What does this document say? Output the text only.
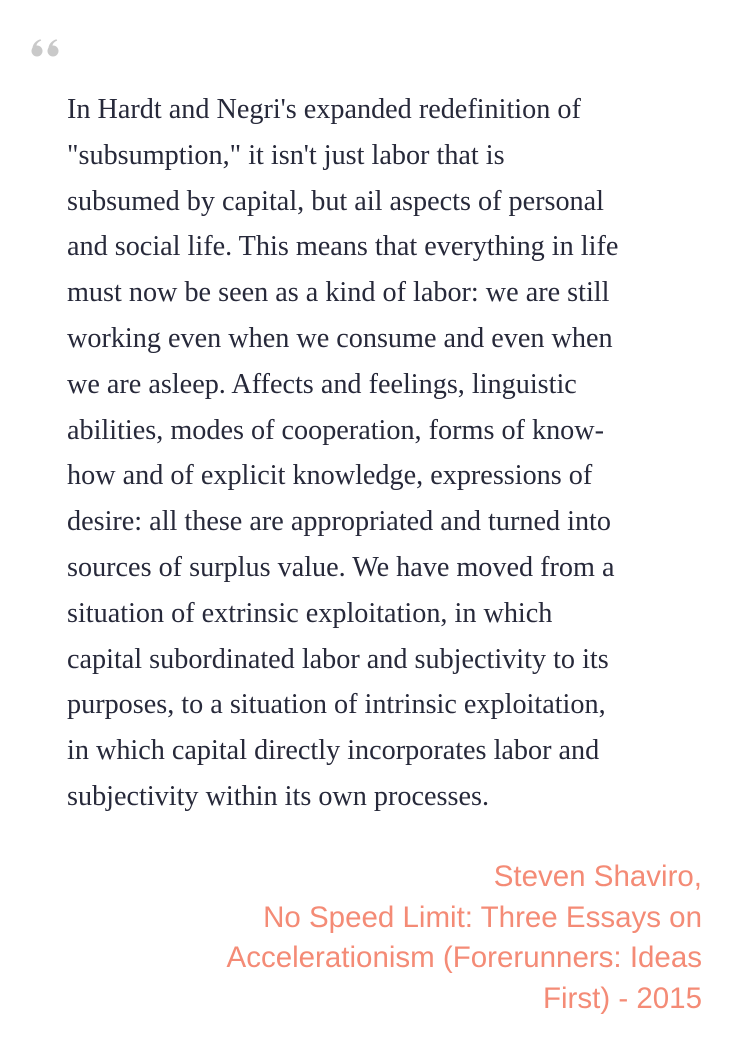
In Hardt and Negri's expanded redefinition of
"subsumption," it isn't just labor that is
subsumed by capital, but ail aspects of personal
and social life. This means that everything in life
must now be seen as a kind of labor: we are still
working even when we consume and even when
we are asleep. Affects and feelings, linguistic
abilities, modes of cooperation, forms of know-
how and of explicit knowledge, expressions of
desire: all these are appropriated and turned into
sources of surplus value. We have moved from a
situation of extrinsic exploitation, in which
capital subordinated labor and subjectivity to its
purposes, to a situation of intrinsic exploitation,
in which capital directly incorporates labor and
subjectivity within its own processes.

Steven Shaviro,
No Speed Limit: Three Essays on
Accelerationism (Forerunners: Ideas
First) - 2015
